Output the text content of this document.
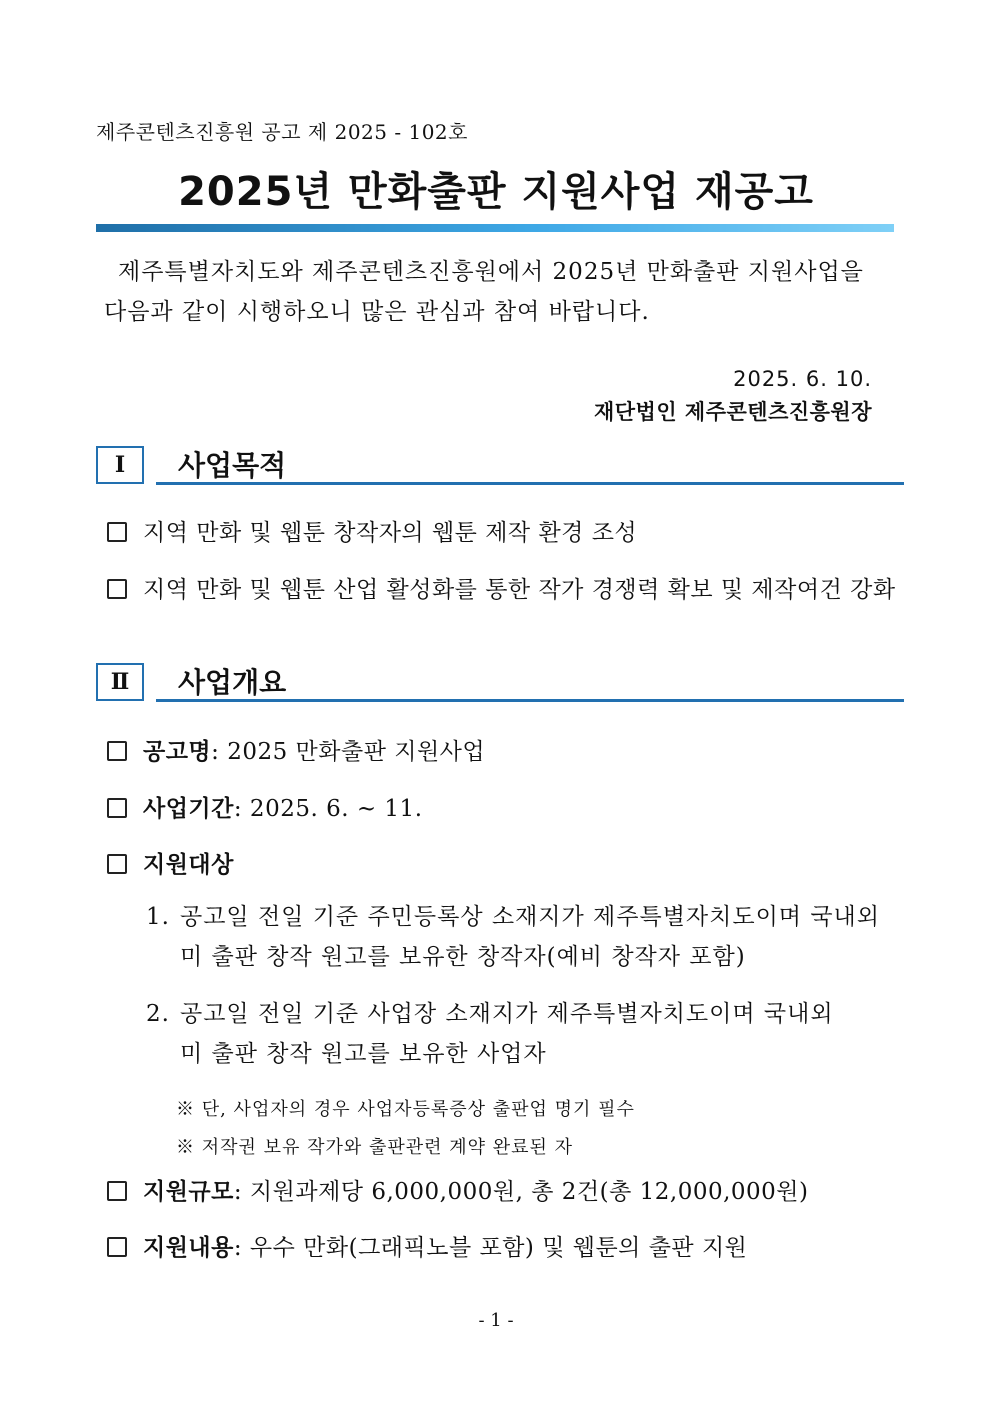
제주콘텐츠진흥원 공고 제 2025 - 102호
2025년 만화출판 지원사업 재공고

제주특별자치도와 제주콘텐츠진흥원에서 2025년 만화출판 지원사업을

다음과 같이 시행하오니 많은 관심과 참여 바랍니다.

2025. 6. 10.
재단법인 제주콘텐츠진흥원장
Ⅰ	사업목적
지역 만화 및 웹툰 창작자의 웹툰 제작 환경 조성
지역 만화 및 웹툰 산업 활성화를 통한 작가 경쟁력 확보 및 제작여건 강화
Ⅱ	사업개요
공고명: 2025 만화출판 지원사업
사업기간: 2025. 6. ~ 11.
지원대상
1. 공고일 전일 기준 주민등록상 소재지가 제주특별자치도이며 국내외
미 출판 창작 원고를 보유한 창작자(예비 창작자 포함)
2. 공고일 전일 기준 사업장 소재지가 제주특별자치도이며 국내외
미 출판 창작 원고를 보유한 사업자
※ 단, 사업자의 경우 사업자등록증상 출판업 명기 필수
※ 저작권 보유 작가와 출판관련 계약 완료된 자
지원규모: 지원과제당 6,000,000원, 총 2건(총 12,000,000원)
지원내용: 우수 만화(그래픽노블 포함) 및 웹툰의 출판 지원
- 1 -
